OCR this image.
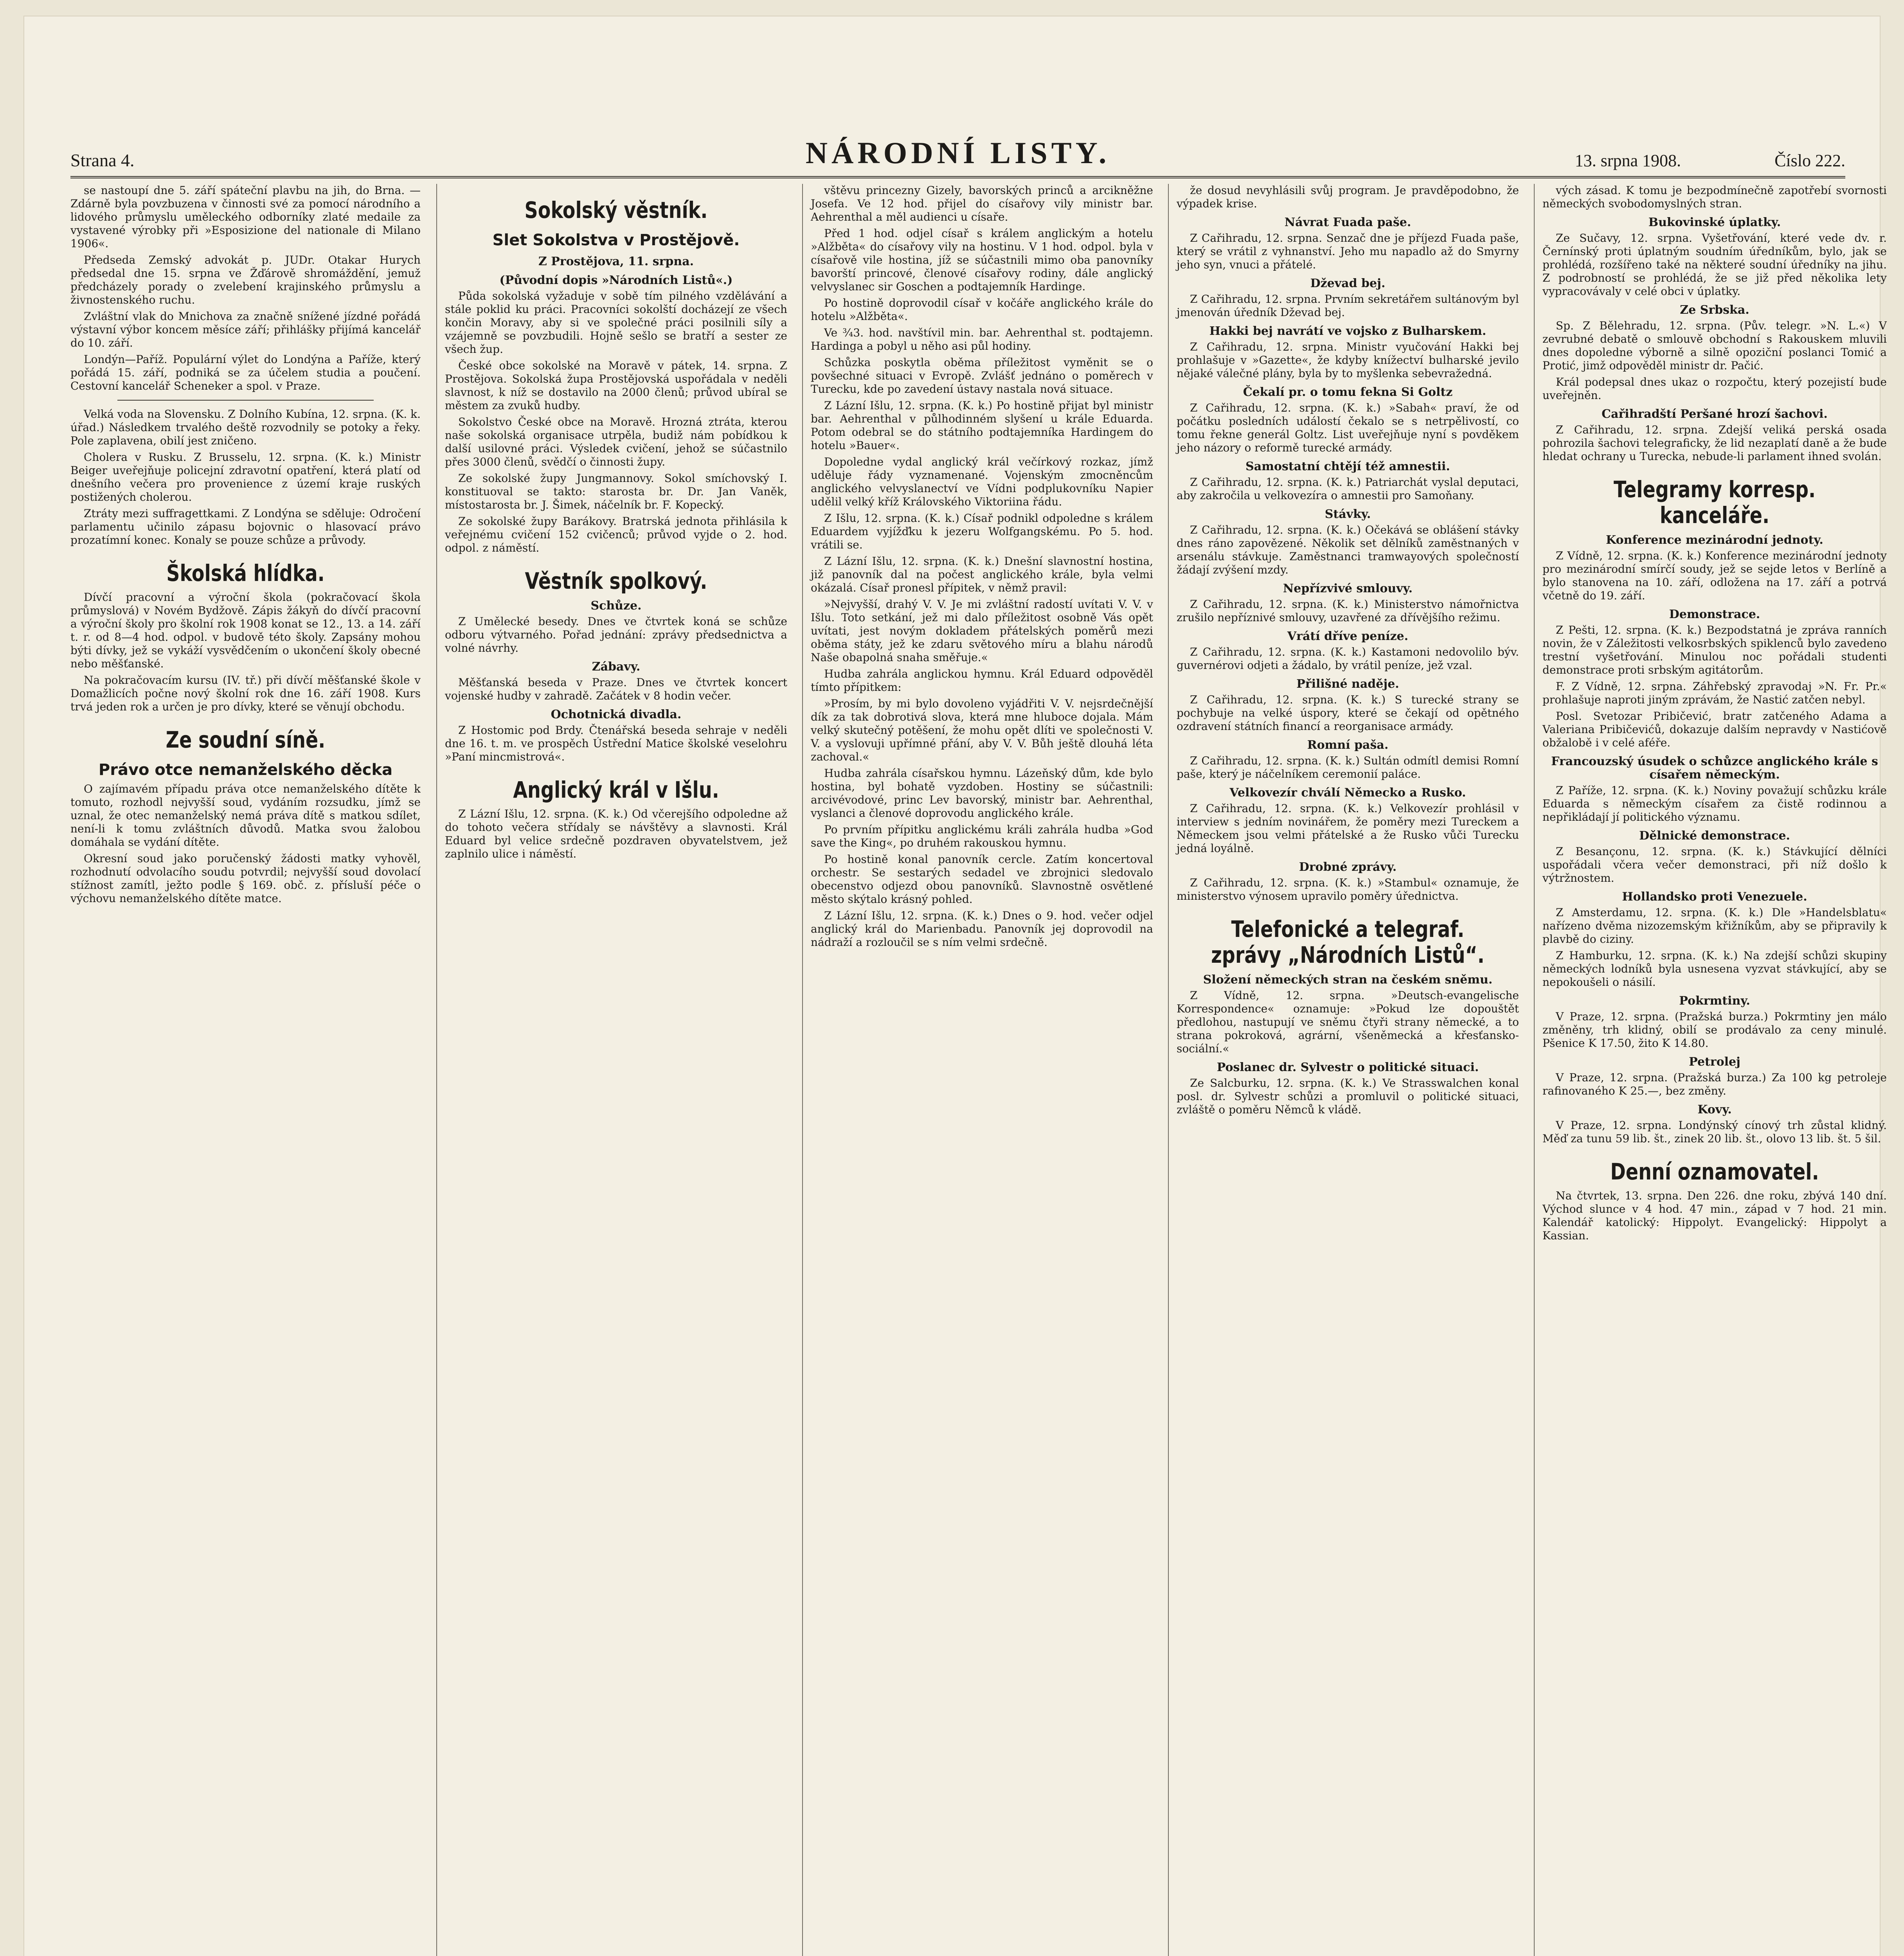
Strana 4.	NÁRODNÍ LISTY.	13. srpna 1908.	Číslo 222.

se nastoupí dne 5. září spáteční plavbu na jih, do Brna. — Zdárně byla povzbuzena v činnosti své za pomocí národního a lidového průmyslu uměleckého odborníky zlaté medaile za vystavené výrobky při »Esposizione del nationale di Milano 1906«.

Předseda Zemský advokát p. JUDr. Otakar Hurych předsedal dne 15. srpna ve Žďárově shromáždění, jemuž předcházely porady o zvelebení krajinského průmyslu a živnostenského ruchu.

Zvláštní vlak do Mnichova za značně snížené jízdné pořádá výstavní výbor koncem měsíce září; přihlášky přijímá kancelář do 10. září.

Londýn—Paříž. Populární výlet do Londýna a Paříže, který pořádá 15. září, podniká se za účelem studia a poučení. Cestovní kancelář Scheneker a spol. v Praze.

Velká voda na Slovensku. Z Dolního Kubína, 12. srpna. (K. k. úřad.) Následkem trvalého deště rozvodnily se potoky a řeky. Pole zaplavena, obilí jest zničeno.

Cholera v Rusku. Z Brusselu, 12. srpna. (K. k.) Ministr Beiger uveřejňuje policejní zdravotní opatření, která platí od dnešního večera pro provenience z území kraje ruských postižených cholerou.

Ztráty mezi suffragettkami. Z Londýna se sděluje: Odročení parlamentu učinilo zápasu bojovnic o hlasovací právo prozatímní konec. Konaly se pouze schůze a průvody.

Školská hlídka.

Dívčí pracovní a výroční škola (pokračovací škola průmyslová) v Novém Bydžově. Zápis žákyň do dívčí pracovní a výroční školy pro školní rok 1908 konat se 12., 13. a 14. září t. r. od 8—4 hod. odpol. v budově této školy. Zapsány mohou býti dívky, jež se vykáží vysvědčením o ukončení školy obecné nebo měšťanské.

Na pokračovacím kursu (IV. tř.) při dívčí měšťanské škole v Domažlicích počne nový školní rok dne 16. září 1908. Kurs trvá jeden rok a určen je pro dívky, které se věnují obchodu.

Ze soudní síně.
Právo otce nemanželského děcka

O zajímavém případu práva otce nemanželského dítěte k tomuto, rozhodl nejvyšší soud, vydáním rozsudku, jímž se uznal, že otec nemanželský nemá práva dítě s matkou sdílet, není-li k tomu zvláštních důvodů. Matka svou žalobou domáhala se vydání dítěte.

Okresní soud jako poručenský žádosti matky vyhověl, rozhodnutí odvolacího soudu potvrdil; nejvyšší soud dovolací stížnost zamítl, ježto podle § 169. obč. z. přísluší péče o výchovu nemanželského dítěte matce.

Sokolský věstník.
Slet Sokolstva v Prostějově.
Z Prostějova, 11. srpna.
(Původní dopis »Národních Listů«.)

Půda sokolská vyžaduje v sobě tím pilného vzdělávání a stále poklid ku práci. Pracovníci sokolští docházejí ze všech končin Moravy, aby si ve společné práci posilnili síly a vzájemně se povzbudili. Hojně sešlo se bratří a sester ze všech žup.

České obce sokolské na Moravě v pátek, 14. srpna. Z Prostějova. Sokolská župa Prostějovská uspořádala v neděli slavnost, k níž se dostavilo na 2000 členů; průvod ubíral se městem za zvuků hudby.

Sokolstvo České obce na Moravě. Hrozná ztráta, kterou naše sokolská organisace utrpěla, budiž nám pobídkou k další usilovné práci. Výsledek cvičení, jehož se súčastnilo přes 3000 členů, svědčí o činnosti župy.

Ze sokolské župy Jungmannovy. Sokol smíchovský I. konstituoval se takto: starosta br. Dr. Jan Vaněk, místostarosta br. J. Šimek, náčelník br. F. Kopecký.

Ze sokolské župy Barákovy. Bratrská jednota přihlásila k veřejnému cvičení 152 cvičenců; průvod vyjde o 2. hod. odpol. z náměstí.

Věstník spolkový.
Schůze.

Z Umělecké besedy. Dnes ve čtvrtek koná se schůze odboru výtvarného. Pořad jednání: zprávy předsednictva a volné návrhy.

Zábavy.

Měšťanská beseda v Praze. Dnes ve čtvrtek koncert vojenské hudby v zahradě. Začátek v 8 hodin večer.

Ochotnická divadla.

Z Hostomic pod Brdy. Čtenářská beseda sehraje v neděli dne 16. t. m. ve prospěch Ústřední Matice školské veselohru »Paní mincmistrová«.

Anglický král v Išlu.

Z Lázní Išlu, 12. srpna. (K. k.) Od včerejšího odpoledne až do tohoto večera střídaly se návštěvy a slavnosti. Král Eduard byl velice srdečně pozdraven obyvatelstvem, jež zaplnilo ulice i náměstí.

vštěvu princezny Gizely, bavorských princů a arcikněžne Josefa. Ve 12 hod. přijel do císařovy vily ministr bar. Aehrenthal a měl audienci u císaře.

Před 1 hod. odjel císař s králem anglickým a hotelu »Alžběta« do císařovy vily na hostinu. V 1 hod. odpol. byla v císařově vile hostina, jíž se súčastnili mimo oba panovníky bavorští princové, členové císařovy rodiny, dále anglický velvyslanec sir Goschen a podtajemník Hardinge.

Po hostině doprovodil císař v kočáře anglického krále do hotelu »Alžběta«.

Ve ¾3. hod. navštívil min. bar. Aehrenthal st. podtajemn. Hardinga a pobyl u něho asi půl hodiny.

Schůzka poskytla oběma příležitost vyměnit se o povšechné situaci v Evropě. Zvlášť jednáno o poměrech v Turecku, kde po zavedení ústavy nastala nová situace.

Z Lázní Išlu, 12. srpna. (K. k.) Po hostině přijat byl ministr bar. Aehrenthal v půlhodinném slyšení u krále Eduarda. Potom odebral se do státního podtajemníka Hardingem do hotelu »Bauer«.

Dopoledne vydal anglický král večírkový rozkaz, jímž uděluje řády vyznamenané. Vojenským zmocněncům anglického velvyslanectví ve Vídni podplukovníku Napier udělil velký kříž Královského Viktoriina řádu.

Z Išlu, 12. srpna. (K. k.) Císař podnikl odpoledne s králem Eduardem vyjížďku k jezeru Wolfgangskému. Po 5. hod. vrátili se.

Z Lázní Išlu, 12. srpna. (K. k.) Dnešní slavnostní hostina, již panovník dal na počest anglického krále, byla velmi okázalá. Císař pronesl přípitek, v němž pravil:

»Nejvyšší, drahý V. V. Je mi zvláštní radostí uvítati V. V. v Išlu. Toto setkání, jež mi dalo příležitost osobně Vás opět uvítati, jest novým dokladem přátelských poměrů mezi oběma státy, jež ke zdaru světového míru a blahu národů Naše obapolná snaha směřuje.«

Hudba zahrála anglickou hymnu. Král Eduard odpověděl tímto přípitkem:

»Prosím, by mi bylo dovoleno vyjádřiti V. V. nejsrdečnější dík za tak dobrotivá slova, která mne hluboce dojala. Mám velký skutečný potěšení, že mohu opět dlíti ve společnosti V. V. a vyslovuji upřímné přání, aby V. V. Bůh ještě dlouhá léta zachoval.«

Hudba zahrála císařskou hymnu. Lázeňský dům, kde bylo hostina, byl bohatě vyzdoben. Hostiny se súčastnili: arcivévodové, princ Lev bavorský, ministr bar. Aehrenthal, vyslanci a členové doprovodu anglického krále.

Po prvním přípitku anglickému králi zahrála hudba »God save the King«, po druhém rakouskou hymnu.

Po hostině konal panovník cercle. Zatím koncertoval orchestr. Se sestarých sedadel ve zbrojnici sledovalo obecenstvo odjezd obou panovníků. Slavnostně osvětlené město skýtalo krásný pohled.

Z Lázní Išlu, 12. srpna. (K. k.) Dnes o 9. hod. večer odjel anglický král do Marienbadu. Panovník jej doprovodil na nádraží a rozloučil se s ním velmi srdečně.

že dosud nevyhlásili svůj program. Je pravděpodobno, že výpadek krise.

Návrat Fuada paše.

Z Cařihradu, 12. srpna. Senzač dne je příjezd Fuada paše, který se vrátil z vyhnanství. Jeho mu napadlo až do Smyrny jeho syn, vnuci a přátelé.

Dževad bej.

Z Cařihradu, 12. srpna. Prvním sekretářem sultánovým byl jmenován úředník Dževad bej.

Hakki bej navrátí ve vojsko z Bulharskem.

Z Cařihradu, 12. srpna. Ministr vyučování Hakki bej prohlašuje v »Gazette«, že kdyby knížectví bulharské jevilo nějaké válečné plány, byla by to myšlenka sebevražedná.

Čekalí pr. o tomu fekna Si Goltz

Z Cařihradu, 12. srpna. (K. k.) »Sabah« praví, že od počátku posledních událostí čekalo se s netrpělivostí, co tomu řekne generál Goltz. List uveřejňuje nyní s povděkem jeho názory o reformě turecké armády.

Samostatní chtějí též amnestii.

Z Cařihradu, 12. srpna. (K. k.) Patriarchát vyslal deputaci, aby zakročila u velkovezíra o amnestii pro Samoňany.

Stávky.

Z Cařihradu, 12. srpna. (K. k.) Očekává se oblášení stávky dnes ráno zapovězené. Několik set dělníků zaměstnaných v arsenálu stávkuje. Zaměstnanci tramwayových společností žádají zvýšení mzdy.

Nepřízvivé smlouvy.

Z Cařihradu, 12. srpna. (K. k.) Ministerstvo námořnictva zrušilo nepříznivé smlouvy, uzavřené za dřívějšího režimu.

Vrátí dříve peníze.

Z Cařihradu, 12. srpna. (K. k.) Kastamoni nedovolilo býv. guvernérovi odjeti a žádalo, by vrátil peníze, jež vzal.

Přilišné naděje.

Z Cařihradu, 12. srpna. (K. k.) S turecké strany se pochybuje na velké úspory, které se čekají od opětného ozdravení státních financí a reorganisace armády.

Romní paša.

Z Cařihradu, 12. srpna. (K. k.) Sultán odmítl demisi Romní paše, který je náčelníkem ceremonií paláce.

Velkovezír chválí Německo a Rusko.

Z Cařihradu, 12. srpna. (K. k.) Velkovezír prohlásil v interview s jedním novinářem, že poměry mezi Tureckem a Německem jsou velmi přátelské a že Rusko vůči Turecku jedná loyálně.

Drobné zprávy.

Z Cařihradu, 12. srpna. (K. k.) »Stambul« oznamuje, že ministerstvo výnosem upravilo poměry úřednictva.

Telefonické a telegraf. zprávy „Národních Listů“.
Složení německých stran na českém sněmu.

Z Vídně, 12. srpna. »Deutsch-evangelische Korrespondence« oznamuje: »Pokud lze dopouštět předlohou, nastupují ve sněmu čtyři strany německé, a to strana pokroková, agrární, všeněmecká a křesťansko-sociální.«

Poslanec dr. Sylvestr o politické situaci.

Ze Salcburku, 12. srpna. (K. k.) Ve Strasswalchen konal posl. dr. Sylvestr schůzi a promluvil o politické situaci, zvláště o poměru Němců k vládě.

vých zásad. K tomu je bezpodmínečně zapotřebí svornosti německých svobodomyslných stran.

Bukovinské úplatky.

Ze Sučavy, 12. srpna. Vyšetřování, které vede dv. r. Černínský proti úplatným soudním úředníkům, bylo, jak se prohlédá, rozšířeno také na některé soudní úředníky na jihu. Z podrobností se prohlédá, že se již před několika lety vypracovávaly v celé obci v úplatky.

Ze Srbska.

Sp. Z Bělehradu, 12. srpna. (Pův. telegr. »N. L.«) V zevrubné debatě o smlouvě obchodní s Rakouskem mluvili dnes dopoledne výborně a silně opoziční poslanci Tomić a Protić, jimž odpověděl ministr dr. Pačić.

Král podepsal dnes ukaz o rozpočtu, který pozejistí bude uveřejněn.

Cařihradští Peršané hrozí šachovi.

Z Cařihradu, 12. srpna. Zdejší veliká perská osada pohrozila šachovi telegraficky, že lid nezaplatí daně a že bude hledat ochrany u Turecka, nebude-li parlament ihned svolán.

Telegramy korresp. kanceláře.
Konference mezinárodní jednoty.

Z Vídně, 12. srpna. (K. k.) Konference mezinárodní jednoty pro mezinárodní smírčí soudy, jež se sejde letos v Berlíně a bylo stanovena na 10. září, odložena na 17. září a potrvá včetně do 19. září.

Demonstrace.

Z Pešti, 12. srpna. (K. k.) Bezpodstatná je zpráva ranních novin, že v Záležitosti velkosrbských spiklenců bylo zavedeno trestní vyšetřování. Minulou noc pořádali studenti demonstrace proti srbským agitátorům.

F. Z Vídně, 12. srpna. Záhřebský zpravodaj »N. Fr. Pr.« prohlašuje naproti jiným zprávám, že Nastić zatčen nebyl.

Posl. Svetozar Pribičević, bratr zatčeného Adama a Valeriana Pribičevićů, dokazuje dalším nepravdy v Nastićově obžalobě i v celé aféře.

Francouzský úsudek o schůzce anglického krále s císařem německým.

Z Paříže, 12. srpna. (K. k.) Noviny považují schůzku krále Eduarda s německým císařem za čistě rodinnou a nepřikládají jí politického významu.

Dělnické demonstrace.

Z Besançonu, 12. srpna. (K. k.) Stávkující dělníci uspořádali včera večer demonstraci, při níž došlo k výtržnostem.

Hollandsko proti Venezuele.

Z Amsterdamu, 12. srpna. (K. k.) Dle »Handelsblatu« nařízeno dvěma nizozemským křižníkům, aby se připravily k plavbě do ciziny.

Z Hamburku, 12. srpna. (K. k.) Na zdejší schůzi skupiny německých lodníků byla usnesena vyzvat stávkující, aby se nepokoušeli o násilí.

Pokrmtiny.

V Praze, 12. srpna. (Pražská burza.) Pokrmtiny jen málo změněny, trh klidný, obilí se prodávalo za ceny minulé. Pšenice K 17.50, žito K 14.80.

Petrolej

V Praze, 12. srpna. (Pražská burza.) Za 100 kg petroleje rafinovaného K 25.—, bez změny.

Kovy.

V Praze, 12. srpna. Londýnský cínový trh zůstal klidný. Měď za tunu 59 lib. št., zinek 20 lib. št., olovo 13 lib. št. 5 šil.

Denní oznamovatel.

Na čtvrtek, 13. srpna. Den 226. dne roku, zbývá 140 dní. Východ slunce v 4 hod. 47 min., západ v 7 hod. 21 min. Kalendář katolický: Hippolyt. Evangelický: Hippolyt a Kassian.
